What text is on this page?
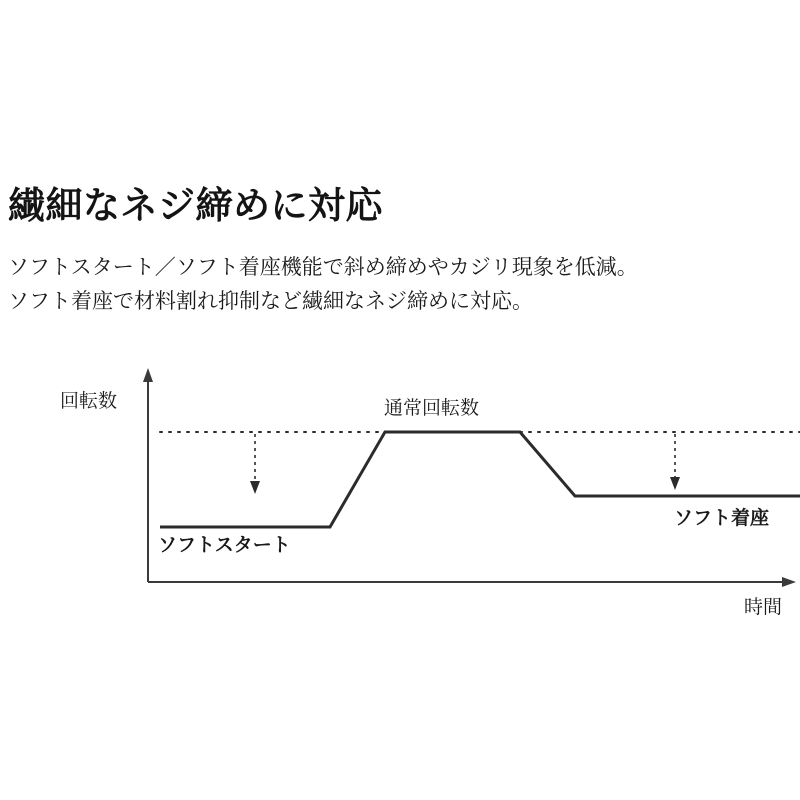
繊細なネジ締めに対応
ソフトスタート／ソフト着座機能で斜め締めやカジリ現象を低減。
ソフト着座で材料割れ抑制など繊細なネジ締めに対応。
回転数
時間
通常回転数
ソフトスタート
ソフト着座
